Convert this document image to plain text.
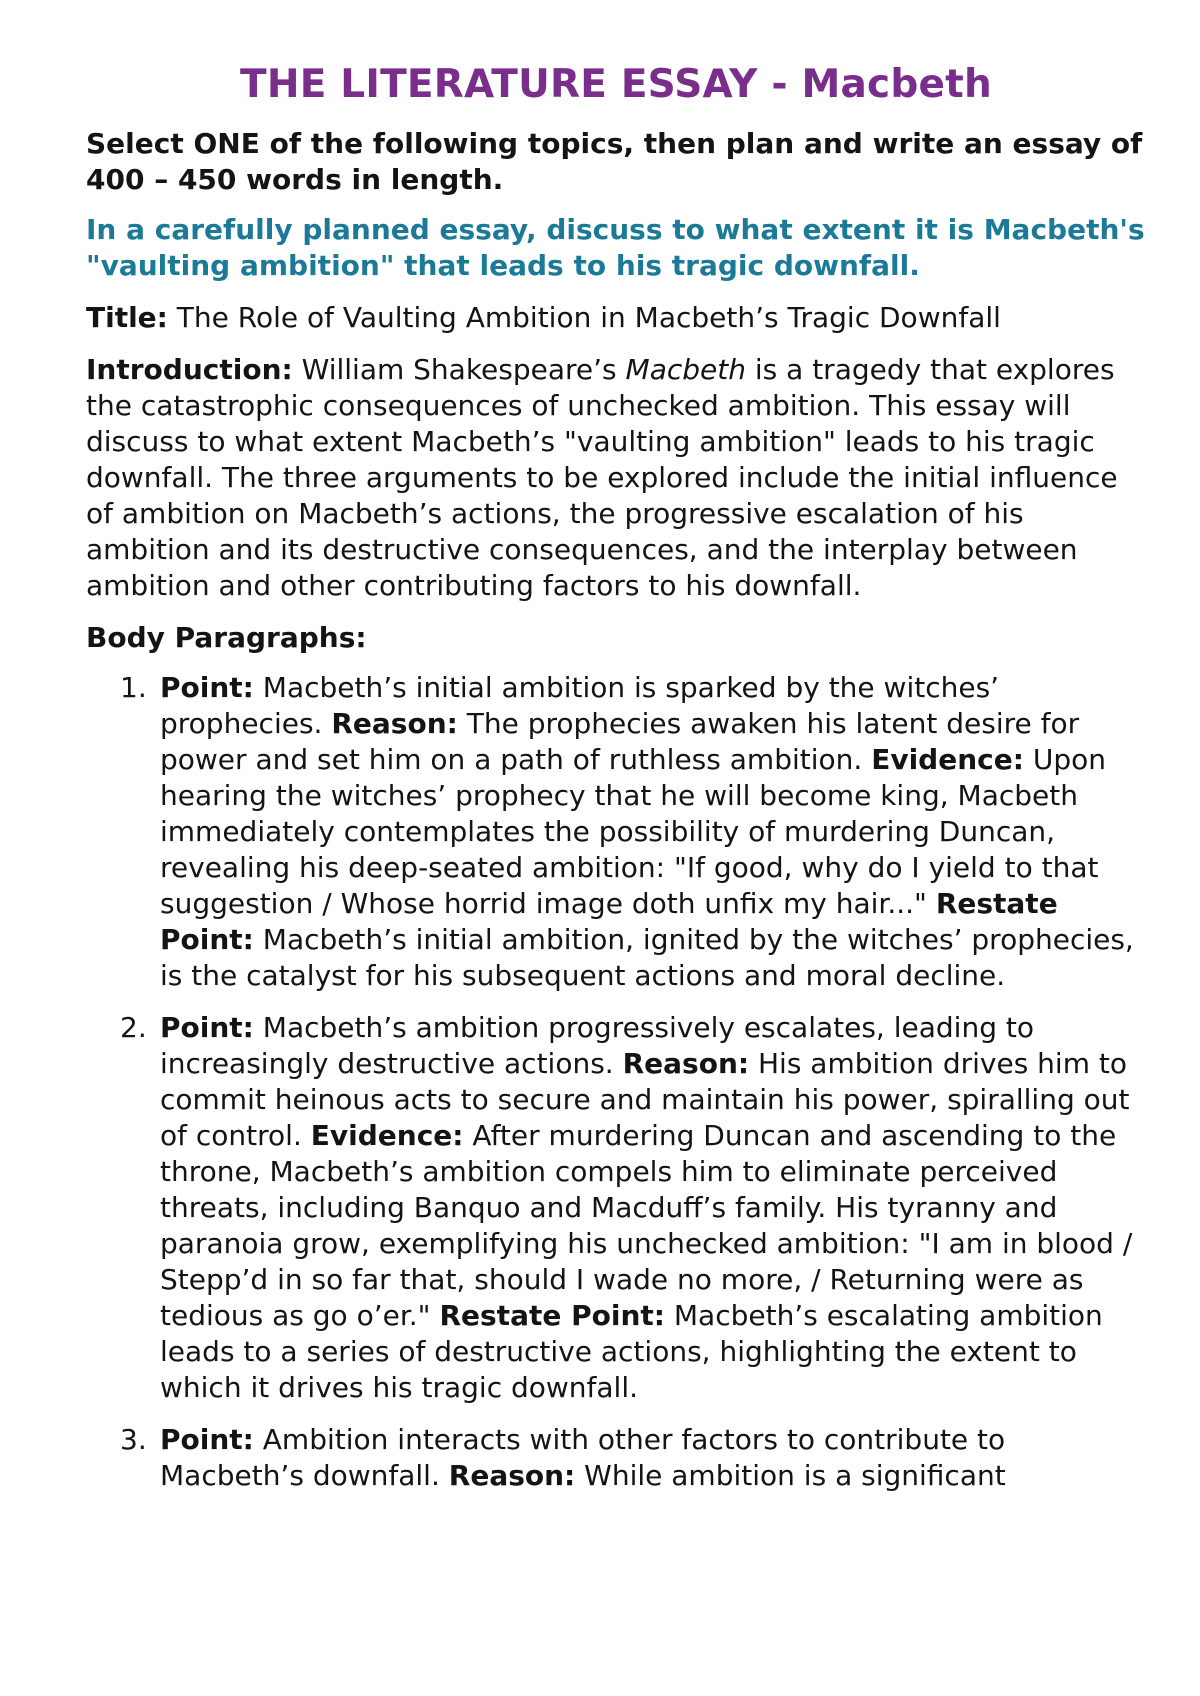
THE LITERATURE ESSAY - Macbeth

Select ONE of the following topics, then plan and write an essay of 400 – 450 words in length.

In a carefully planned essay, discuss to what extent it is Macbeth's "vaulting ambition" that leads to his tragic downfall.

Title: The Role of Vaulting Ambition in Macbeth’s Tragic Downfall

Introduction: William Shakespeare’s Macbeth is a tragedy that explores the catastrophic consequences of unchecked ambition. This essay will discuss to what extent Macbeth’s "vaulting ambition" leads to his tragic downfall. The three arguments to be explored include the initial influence of ambition on Macbeth’s actions, the progressive escalation of his ambition and its destructive consequences, and the interplay between ambition and other contributing factors to his downfall.

Body Paragraphs:

1. Point: Macbeth’s initial ambition is sparked by the witches’ prophecies. Reason: The prophecies awaken his latent desire for power and set him on a path of ruthless ambition. Evidence: Upon hearing the witches’ prophecy that he will become king, Macbeth immediately contemplates the possibility of murdering Duncan, revealing his deep-seated ambition: "If good, why do I yield to that suggestion / Whose horrid image doth unfix my hair..." Restate Point: Macbeth’s initial ambition, ignited by the witches’ prophecies, is the catalyst for his subsequent actions and moral decline.
2. Point: Macbeth’s ambition progressively escalates, leading to increasingly destructive actions. Reason: His ambition drives him to commit heinous acts to secure and maintain his power, spiralling out of control. Evidence: After murdering Duncan and ascending to the throne, Macbeth’s ambition compels him to eliminate perceived threats, including Banquo and Macduff’s family. His tyranny and paranoia grow, exemplifying his unchecked ambition: "I am in blood / Stepp’d in so far that, should I wade no more, / Returning were as tedious as go o’er." Restate Point: Macbeth’s escalating ambition leads to a series of destructive actions, highlighting the extent to which it drives his tragic downfall.
3. Point: Ambition interacts with other factors to contribute to Macbeth’s downfall. Reason: While ambition is a significant
